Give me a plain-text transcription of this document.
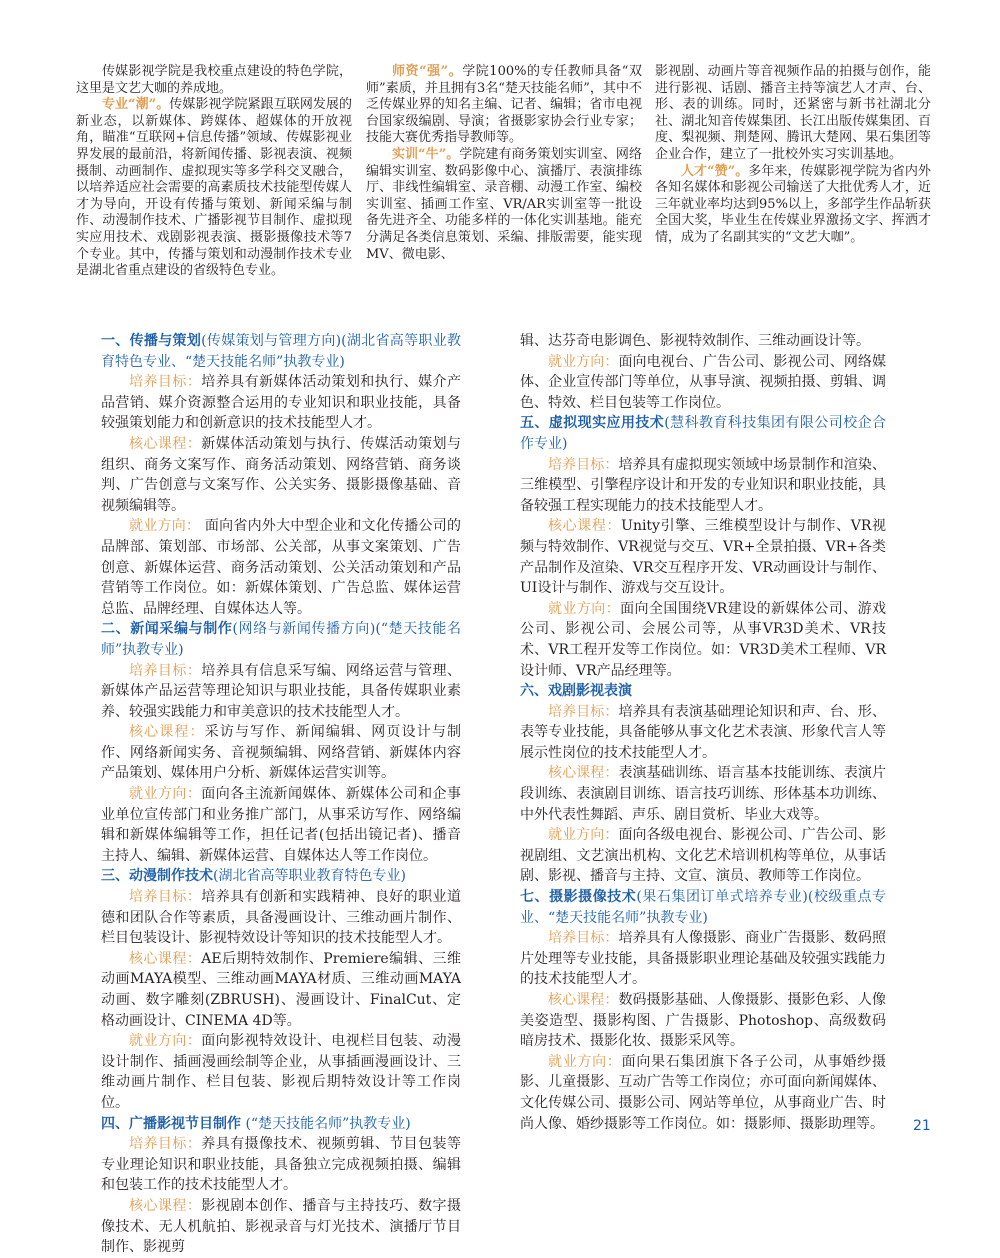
传媒影视学院是我校重点建设的特色学院，这里是文艺大咖的养成地。

专业“潮”。传媒影视学院紧跟互联网发展的新业态，以新媒体、跨媒体、超媒体的开放视角，瞄准“互联网+信息传播”领域、传媒影视业界发展的最前沿，将新闻传播、影视表演、视频摄制、动画制作、虚拟现实等多学科交叉融合，以培养适应社会需要的高素质技术技能型传媒人才为导向，开设有传播与策划、新闻采编与制作、动漫制作技术、广播影视节目制作、虚拟现实应用技术、戏剧影视表演、摄影摄像技术等7个专业。其中，传播与策划和动漫制作技术专业是湖北省重点建设的省级特色专业。

师资“强”。学院100%的专任教师具备“双师”素质，并且拥有3名“楚天技能名师”，其中不乏传媒业界的知名主编、记者、编辑；省市电视台国家级编剧、导演；省摄影家协会行业专家；技能大赛优秀指导教师等。

实训“牛”。学院建有商务策划实训室、网络编辑实训室、数码影像中心、演播厅、表演排练厅、非线性编辑室、录音棚、动漫工作室、编校实训室、插画工作室、VR/AR实训室等一批设备先进齐全、功能多样的一体化实训基地。能充分满足各类信息策划、采编、排版需要，能实现MV、微电影、

影视剧、动画片等音视频作品的拍摄与创作，能进行影视、话剧、播音主持等演艺人才声、台、形、表的训练。同时，还紧密与新书社湖北分社、湖北知音传媒集团、长江出版传媒集团、百度、梨视频、荆楚网、腾讯大楚网、果石集团等企业合作，建立了一批校外实习实训基地。

人才“赞”。多年来，传媒影视学院为省内外各知名媒体和影视公司输送了大批优秀人才，近三年就业率均达到95%以上，多部学生作品斩获全国大奖，毕业生在传媒业界激扬文字、挥洒才情，成为了名副其实的“文艺大咖”。

一、传播与策划(传媒策划与管理方向)(湖北省高等职业教育特色专业、“楚天技能名师”执教专业)

培养目标：培养具有新媒体活动策划和执行、媒介产品营销、媒介资源整合运用的专业知识和职业技能，具备较强策划能力和创新意识的技术技能型人才。

核心课程：新媒体活动策划与执行、传媒活动策划与组织、商务文案写作、商务活动策划、网络营销、商务谈判、广告创意与文案写作、公关实务、摄影摄像基础、音视频编辑等。

就业方向： 面向省内外大中型企业和文化传播公司的品牌部、策划部、市场部、公关部，从事文案策划、广告创意、新媒体运营、商务活动策划、公关活动策划和产品营销等工作岗位。如：新媒体策划、广告总监、媒体运营总监、品牌经理、自媒体达人等。

二、新闻采编与制作(网络与新闻传播方向)(“楚天技能名师”执教专业)

培养目标：培养具有信息采写编、网络运营与管理、新媒体产品运营等理论知识与职业技能，具备传媒职业素养、较强实践能力和审美意识的技术技能型人才。

核心课程：采访与写作、新闻编辑、网页设计与制作、网络新闻实务、音视频编辑、网络营销、新媒体内容产品策划、媒体用户分析、新媒体运营实训等。

就业方向：面向各主流新闻媒体、新媒体公司和企事业单位宣传部门和业务推广部门，从事采访写作、网络编辑和新媒体编辑等工作，担任记者(包括出镜记者)、播音主持人、编辑、新媒体运营、自媒体达人等工作岗位。

三、动漫制作技术(湖北省高等职业教育特色专业)

培养目标：培养具有创新和实践精神、良好的职业道德和团队合作等素质，具备漫画设计、三维动画片制作、栏目包装设计、影视特效设计等知识的技术技能型人才。

核心课程：AE后期特效制作、Premiere编辑、三维动画MAYA模型、三维动画MAYA材质、三维动画MAYA动画、数字雕刻(ZBRUSH)、漫画设计、FinalCut、定格动画设计、CINEMA 4D等。

就业方向：面向影视特效设计、电视栏目包装、动漫设计制作、插画漫画绘制等企业，从事插画漫画设计、三维动画片制作、栏目包装、影视后期特效设计等工作岗位。

四、广播影视节目制作 (“楚天技能名师”执教专业)

培养目标：养具有摄像技术、视频剪辑、节目包装等专业理论知识和职业技能，具备独立完成视频拍摄、编辑和包装工作的技术技能型人才。

核心课程：影视剧本创作、播音与主持技巧、数字摄像技术、无人机航拍、影视录音与灯光技术、演播厅节目制作、影视剪

辑、达芬奇电影调色、影视特效制作、三维动画设计等。

就业方向：面向电视台、广告公司、影视公司、网络媒体、企业宣传部门等单位，从事导演、视频拍摄、剪辑、调色、特效、栏目包装等工作岗位。

五、虚拟现实应用技术(慧科教育科技集团有限公司校企合作专业)

培养目标：培养具有虚拟现实领域中场景制作和渲染、三维模型、引擎程序设计和开发的专业知识和职业技能，具备较强工程实现能力的技术技能型人才。

核心课程：Unity引擎、三维模型设计与制作、VR视频与特效制作、VR视觉与交互、VR+全景拍摄、VR+各类产品制作及渲染、VR交互程序开发、VR动画设计与制作、UI设计与制作、游戏与交互设计。

就业方向：面向全国围绕VR建设的新媒体公司、游戏公司、影视公司、会展公司等，从事VR3D美术、VR技术、VR工程开发等工作岗位。如：VR3D美术工程师、VR设计师、VR产品经理等。

六、戏剧影视表演

培养目标：培养具有表演基础理论知识和声、台、形、表等专业技能，具备能够从事文化艺术表演、形象代言人等展示性岗位的技术技能型人才。

核心课程：表演基础训练、语言基本技能训练、表演片段训练、表演剧目训练、语言技巧训练、形体基本功训练、中外代表性舞蹈、声乐、剧目赏析、毕业大戏等。

就业方向：面向各级电视台、影视公司、广告公司、影视剧组、文艺演出机构、文化艺术培训机构等单位，从事话剧、影视、播音与主持、文宣、演员、教师等工作岗位。

七、摄影摄像技术(果石集团订单式培养专业)(校级重点专业、“楚天技能名师”执教专业)

培养目标：培养具有人像摄影、商业广告摄影、数码照片处理等专业技能，具备摄影职业理论基础及较强实践能力的技术技能型人才。

核心课程：数码摄影基础、人像摄影、摄影色彩、人像美姿造型、摄影构图、广告摄影、Photoshop、高级数码暗房技术、摄影化妆、摄影采风等。

就业方向：面向果石集团旗下各子公司，从事婚纱摄影、儿童摄影、互动广告等工作岗位；亦可面向新闻媒体、文化传媒公司、摄影公司、网站等单位，从事商业广告、时尚人像、婚纱摄影等工作岗位。如：摄影师、摄影助理等。 21
